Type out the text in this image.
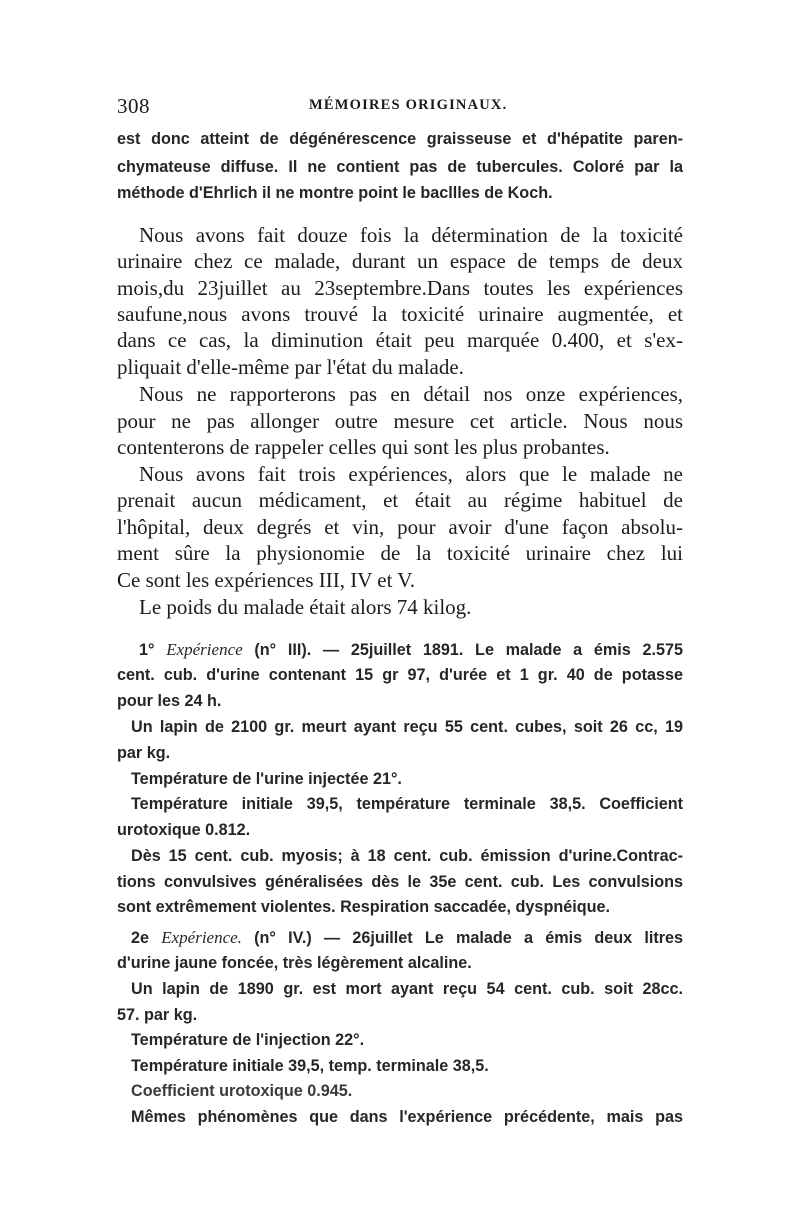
308	MÉMOIRES ORIGINAUX.
est donc atteint de dégénérescence graisseuse et d'hépatite paren-
chymateuse diffuse. Il ne contient pas de tubercules. Coloré par la
méthode d'Ehrlich il ne montre point le bacllles de Koch.
Nous avons fait douze fois la détermination de la toxicité
urinaire chez ce malade, durant un espace de temps de deux
mois,du 23juillet au 23septembre.Dans toutes les expériences
saufune,nous avons trouvé la toxicité urinaire augmentée, et
dans ce cas, la diminution était peu marquée 0.400, et s'ex-
pliquait d'elle-même par l'état du malade.
Nous ne rapporterons pas en détail nos onze expériences,
pour ne pas allonger outre mesure cet article. Nous nous
contenterons de rappeler celles qui sont les plus probantes.
Nous avons fait trois expériences, alors que le malade ne
prenait aucun médicament, et était au régime habituel de
l'hôpital, deux degrés et vin, pour avoir d'une façon absolu-
ment sûre la physionomie de la toxicité urinaire chez lui
Ce sont les expériences III, IV et V.
Le poids du malade était alors 74 kilog.
1° Expérience (n° III). — 25juillet 1891. Le malade a émis 2.575
cent. cub. d'urine contenant 15 gr 97, d'urée et 1 gr. 40 de potasse
pour les 24 h.
Un lapin de 2100 gr. meurt ayant reçu 55 cent. cubes, soit 26 cc, 19
par kg.
Température de l'urine injectée 21°.
Température initiale 39,5, température terminale 38,5. Coefficient
urotoxique 0.812.
Dès 15 cent. cub. myosis; à 18 cent. cub. émission d'urine.Contrac-
tions convulsives généralisées dès le 35e cent. cub. Les convulsions
sont extrêmement violentes. Respiration saccadée, dyspnéique.
2e Expérience. (n° IV.) — 26juillet Le malade a émis deux litres
d'urine jaune foncée, très légèrement alcaline.
Un lapin de 1890 gr. est mort ayant reçu 54 cent. cub. soit 28cc.
57. par kg.
Température de l'injection 22°.
Température initiale 39,5, temp. terminale 38,5.
Coefficient urotoxique 0.945.
Mêmes phénomènes que dans l'expérience précédente, mais pas
